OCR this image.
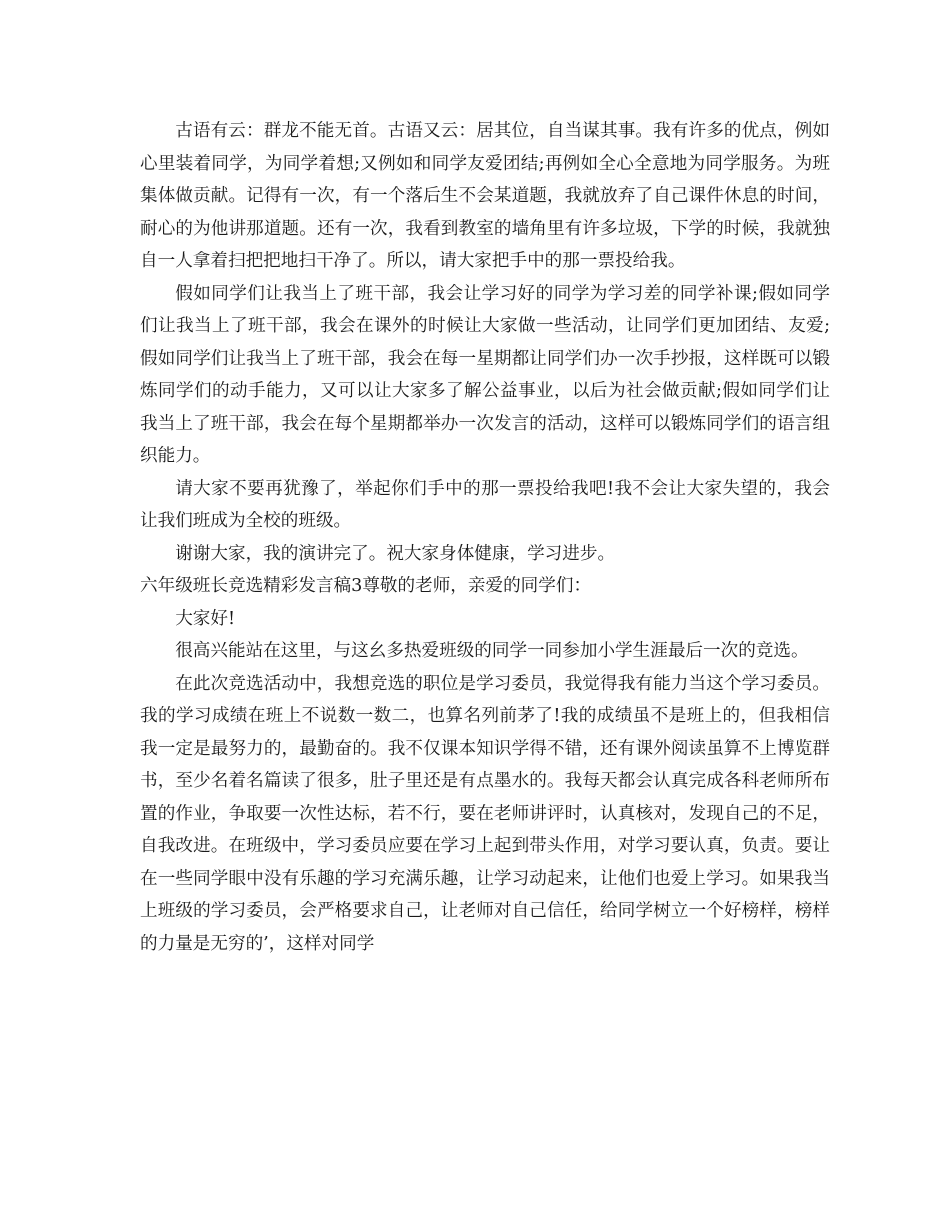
古语有云：群龙不能无首。古语又云：居其位，自当谋其事。我有许多的优点，例如心里装着同学，为同学着想;又例如和同学友爱团结;再例如全心全意地为同学服务。为班集体做贡献。记得有一次，有一个落后生不会某道题，我就放弃了自己课件休息的时间，耐心的为他讲那道题。还有一次，我看到教室的墙角里有许多垃圾，下学的时候，我就独自一人拿着扫把把地扫干净了。所以，请大家把手中的那一票投给我。

假如同学们让我当上了班干部，我会让学习好的同学为学习差的同学补课;假如同学们让我当上了班干部，我会在课外的时候让大家做一些活动，让同学们更加团结、友爱;假如同学们让我当上了班干部，我会在每一星期都让同学们办一次手抄报，这样既可以锻炼同学们的动手能力，又可以让大家多了解公益事业，以后为社会做贡献;假如同学们让我当上了班干部，我会在每个星期都举办一次发言的活动，这样可以锻炼同学们的语言组织能力。

请大家不要再犹豫了，举起你们手中的那一票投给我吧!我不会让大家失望的，我会让我们班成为全校的班级。

谢谢大家，我的演讲完了。祝大家身体健康，学习进步。

六年级班长竞选精彩发言稿3尊敬的老师，亲爱的同学们：

大家好!

很高兴能站在这里，与这幺多热爱班级的同学一同参加小学生涯最后一次的竞选。

在此次竞选活动中，我想竞选的职位是学习委员，我觉得我有能力当这个学习委员。我的学习成绩在班上不说数一数二，也算名列前茅了!我的成绩虽不是班上的，但我相信我一定是最努力的，最勤奋的。我不仅课本知识学得不错，还有课外阅读虽算不上博览群书，至少名着名篇读了很多，肚子里还是有点墨水的。我每天都会认真完成各科老师所布置的作业，争取要一次性达标，若不行，要在老师讲评时，认真核对，发现自己的不足，自我改进。在班级中，学习委员应要在学习上起到带头作用，对学习要认真，负责。要让在一些同学眼中没有乐趣的学习充满乐趣，让学习动起来，让他们也爱上学习。如果我当上班级的学习委员，会严格要求自己，让老师对自己信任，给同学树立一个好榜样，榜样的力量是无穷的’，这样对同学
